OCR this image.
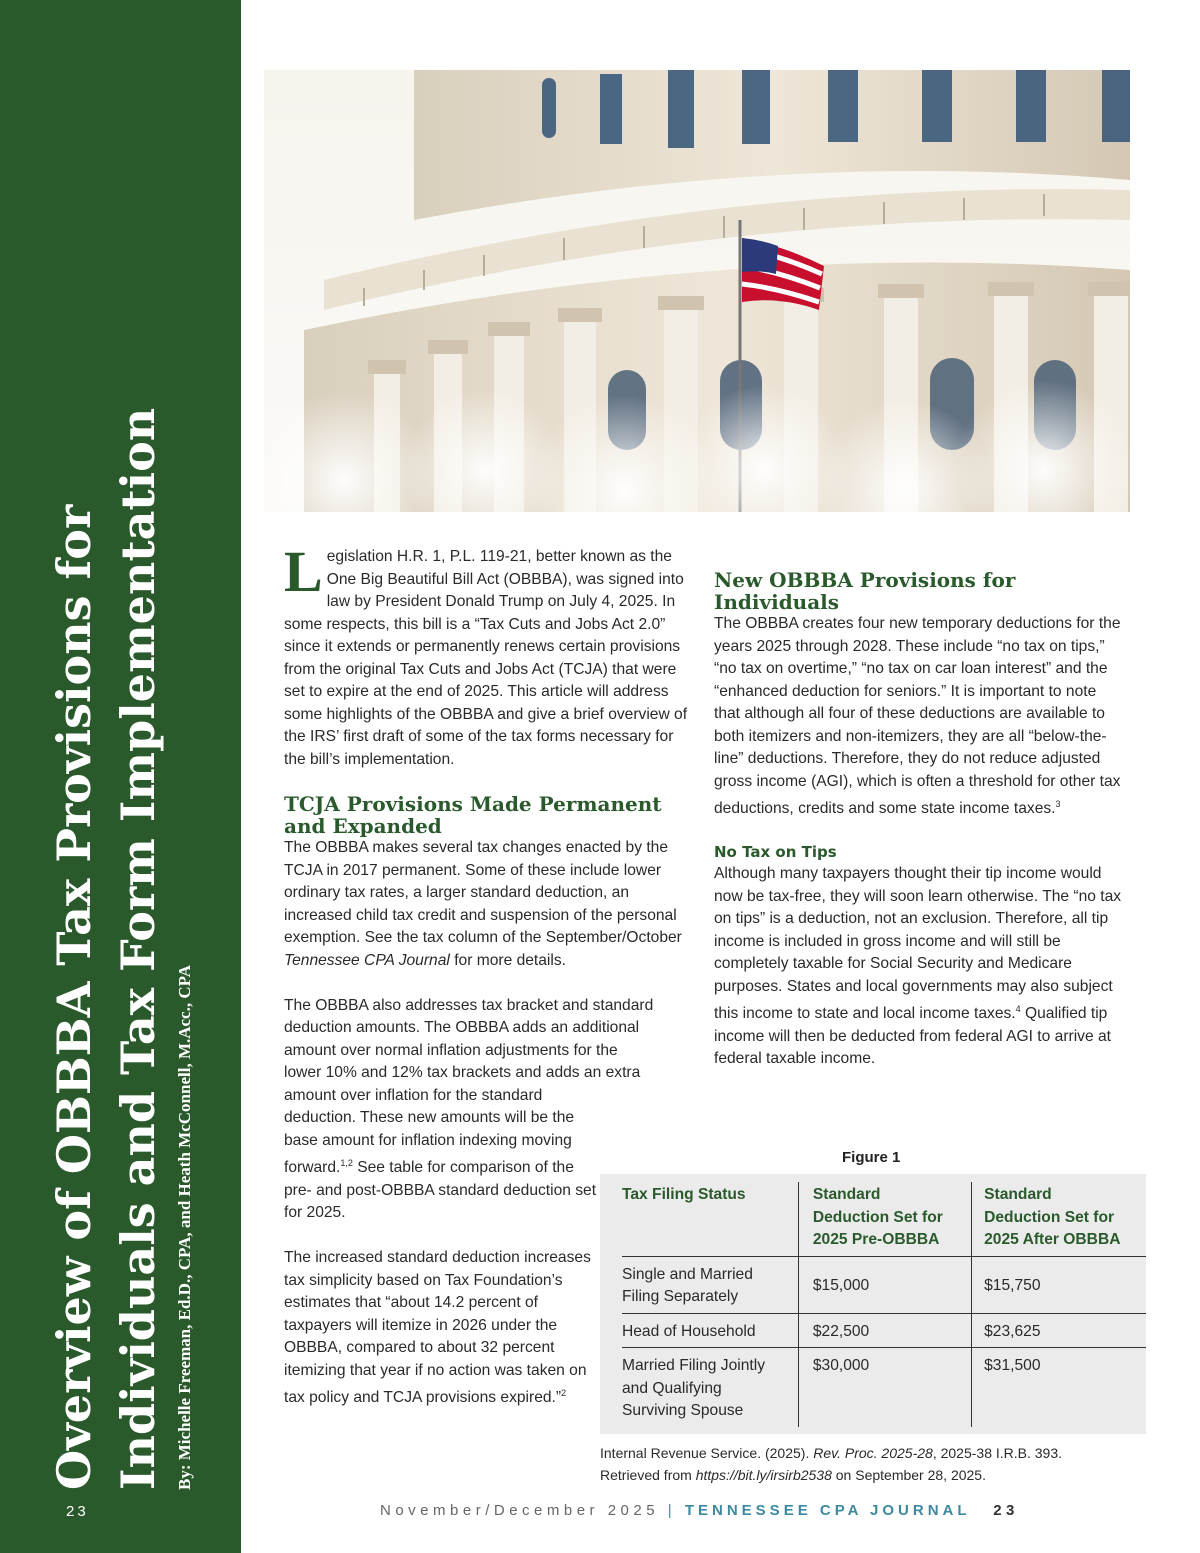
Overview of OBBBA Tax Provisions for Individuals and Tax Form Implementation By: Michelle Freeman, Ed.D., CPA, and Heath McConnell, M.Acc., CPA
23

Legislation H.R. 1, P.L. 119-21, better known as the One Big Beautiful Bill Act (OBBBA), was signed into law by President Donald Trump on July 4, 2025. In some respects, this bill is a “Tax Cuts and Jobs Act 2.0” since it extends or permanently renews certain provisions from the original Tax Cuts and Jobs Act (TCJA) that were set to expire at the end of 2025. This article will address some highlights of the OBBBA and give a brief overview of the IRS’ first draft of some of the tax forms necessary for the bill’s implementation.

TCJA Provisions Made Permanent and Expanded

The OBBBA makes several tax changes enacted by the TCJA in 2017 permanent. Some of these include lower ordinary tax rates, a larger standard deduction, an increased child tax credit and suspension of the personal exemption. See the tax column of the September/October Tennessee CPA Journal for more details.

The OBBBA also addresses tax bracket and standard deduction amounts. The OBBBA adds an additional amount over normal inflation adjustments for the lower 10% and 12% tax brackets and adds an extra amount over inflation for the standard

deduction. These new amounts will be the base amount for inflation indexing moving forward.$^{1,2}$ See table for comparison of the pre- and post-OBBBA standard deduction set for 2025.

The increased standard deduction increases tax simplicity based on Tax Foundation’s estimates that “about 14.2 percent of taxpayers will itemize in 2026 under the OBBBA, compared to about 32 percent itemizing that year if no action was taken on tax policy and TCJA provisions expired.”$^2$

New OBBBA Provisions for Individuals

The OBBBA creates four new temporary deductions for the years 2025 through 2028. These include “no tax on tips,” “no tax on overtime,” “no tax on car loan interest” and the “enhanced deduction for seniors.” It is important to note that although all four of these deductions are available to both itemizers and non-itemizers, they are all “below-the-line” deductions. Therefore, they do not reduce adjusted gross income (AGI), which is often a threshold for other tax deductions, credits and some state income taxes.$^3$

No Tax on Tips

Although many taxpayers thought their tip income would now be tax-free, they will soon learn otherwise. The “no tax on tips” is a deduction, not an exclusion. Therefore, all tip income is included in gross income and will still be completely taxable for Social Security and Medicare purposes. States and local governments may also subject this income to state and local income taxes.$^4$ Qualified tip income will then be deducted from federal AGI to arrive at federal taxable income.

Figure 1
Tax Filing Status	Standard Deduction Set for 2025 Pre-OBBBA	Standard Deduction Set for 2025 After OBBBA
Single and Married Filing Separately	$15,000	$15,750
Head of Household	$22,500	$23,625
Married Filing Jointly and Qualifying Surviving Spouse	$30,000	$31,500
Internal Revenue Service. (2025). Rev. Proc. 2025-28, 2025-38 I.R.B. 393.
Retrieved from https://bit.ly/irsirb2538 on September 28, 2025.
November/December 2025 | TENNESSEE CPA JOURNAL 23
